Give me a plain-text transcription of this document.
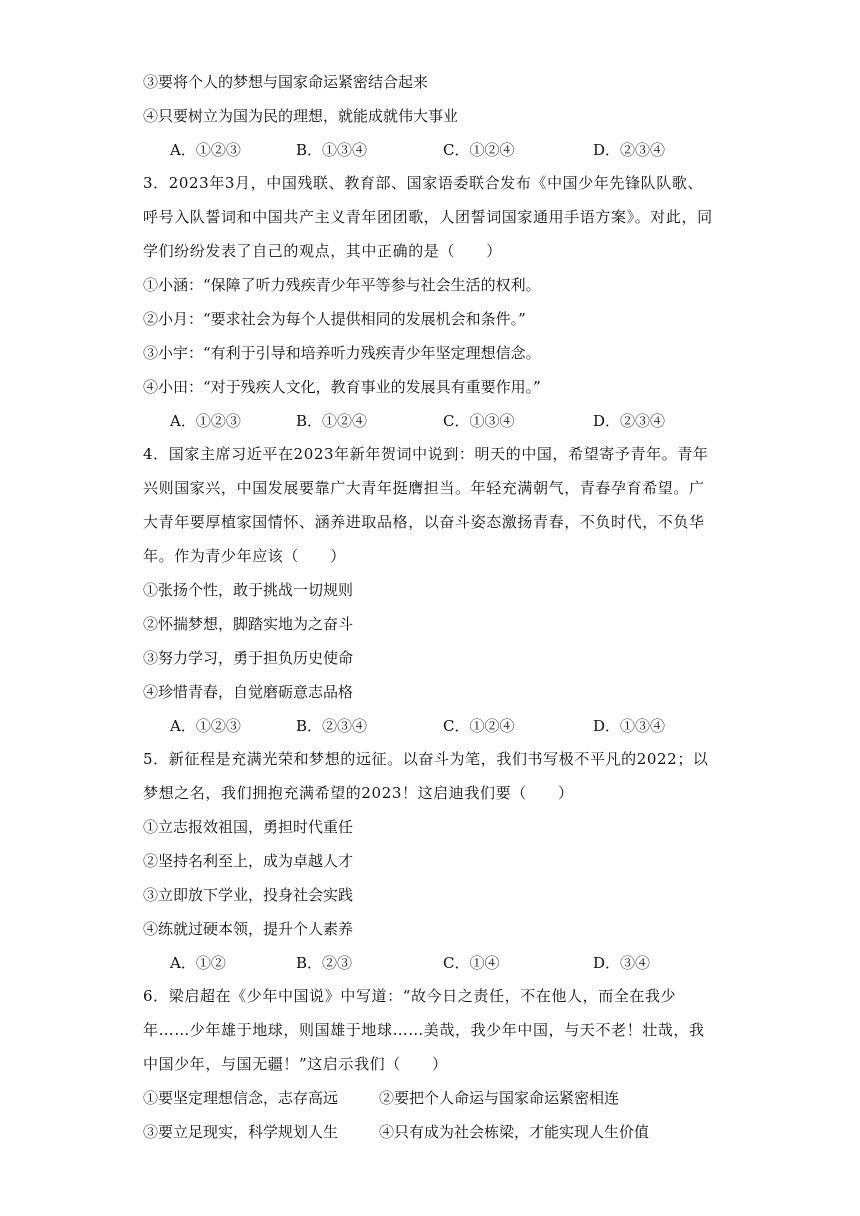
③要将个人的梦想与国家命运紧密结合起来
④只要树立为国为民的理想，就能成就伟大事业
A．①②③	B．①③④	C．①②④	D．②③④
3．2023年3月，中国残联、教育部、国家语委联合发布《中国少年先锋队队歌、呼号入队誓词和中国共产主义青年团团歌，人团誓词国家通用手语方案》。对此，同学们纷纷发表了自己的观点，其中正确的是（　　）
①小涵：“保障了听力残疾青少年平等参与社会生活的权利。
②小月：“要求社会为每个人提供相同的发展机会和条件。”
③小宇：“有利于引导和培养听力残疾青少年坚定理想信念。
④小田：“对于残疾人文化，教育事业的发展具有重要作用。”
A．①②③	B．①②④	C．①③④	D．②③④
4．国家主席习近平在2023年新年贺词中说到：明天的中国，希望寄予青年。青年兴则国家兴，中国发展要靠广大青年挺膺担当。年轻充满朝气，青春孕育希望。广大青年要厚植家国情怀、涵养进取品格，以奋斗姿态激扬青春，不负时代，不负华年。作为青少年应该（　　）
①张扬个性，敢于挑战一切规则
②怀揣梦想，脚踏实地为之奋斗
③努力学习，勇于担负历史使命
④珍惜青春，自觉磨砺意志品格
A．①②③	B．②③④	C．①②④	D．①③④
5．新征程是充满光荣和梦想的远征。以奋斗为笔，我们书写极不平凡的2022；以梦想之名，我们拥抱充满希望的2023！这启迪我们要（　　）
①立志报效祖国，勇担时代重任
②坚持名利至上，成为卓越人才
③立即放下学业，投身社会实践
④练就过硬本领，提升个人素养
A．①②	B．②③	C．①④	D．③④
6．梁启超在《少年中国说》中写道：“故今日之责任，不在他人，而全在我少年……少年雄于地球，则国雄于地球……美哉，我少年中国，与天不老！壮哉，我中国少年，与国无疆！”这启示我们（　　）
①要坚定理想信念，志存高远	②要把个人命运与国家命运紧密相连
③要立足现实，科学规划人生	④只有成为社会栋梁，才能实现人生价值
